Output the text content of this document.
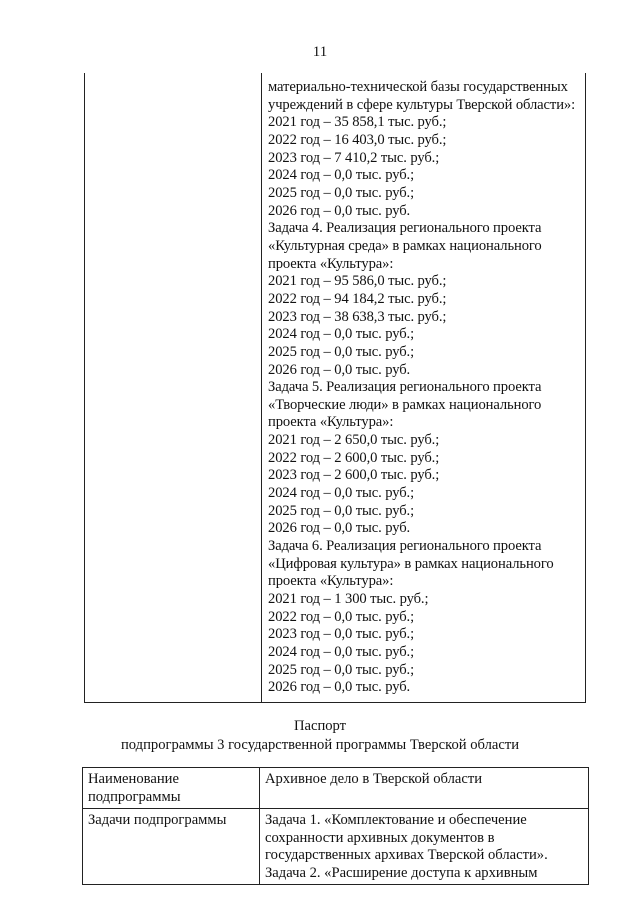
11
материально-технической базы государственных учреждений в сфере культуры Тверской области»:
2021 год – 35 858,1 тыс. руб.;
2022 год – 16 403,0 тыс. руб.;
2023 год – 7 410,2 тыс. руб.;
2024 год – 0,0 тыс. руб.;
2025 год – 0,0 тыс. руб.;
2026 год – 0,0 тыс. руб.
Задача 4. Реализация регионального проекта «Культурная среда» в рамках национального проекта «Культура»:
2021 год – 95 586,0 тыс. руб.;
2022 год – 94 184,2 тыс. руб.;
2023 год – 38 638,3 тыс. руб.;
2024 год – 0,0 тыс. руб.;
2025 год – 0,0 тыс. руб.;
2026 год – 0,0 тыс. руб.
Задача 5. Реализация регионального проекта «Творческие люди» в рамках национального проекта «Культура»:
2021 год – 2 650,0 тыс. руб.;
2022 год – 2 600,0 тыс. руб.;
2023 год – 2 600,0 тыс. руб.;
2024 год – 0,0 тыс. руб.;
2025 год – 0,0 тыс. руб.;
2026 год – 0,0 тыс. руб.
Задача 6. Реализация регионального проекта «Цифровая культура» в рамках национального проекта «Культура»:
2021 год – 1 300 тыс. руб.;
2022 год – 0,0 тыс. руб.;
2023 год – 0,0 тыс. руб.;
2024 год – 0,0 тыс. руб.;
2025 год – 0,0 тыс. руб.;
2026 год – 0,0 тыс. руб.
Паспорт
подпрограммы 3 государственной программы Тверской области
Наименование подпрограммы	Архивное дело в Тверской области
Задачи подпрограммы	Задача 1. «Комплектование и обеспечение сохранности архивных документов в государственных архивах Тверской области». Задача 2. «Расширение доступа к архивным
